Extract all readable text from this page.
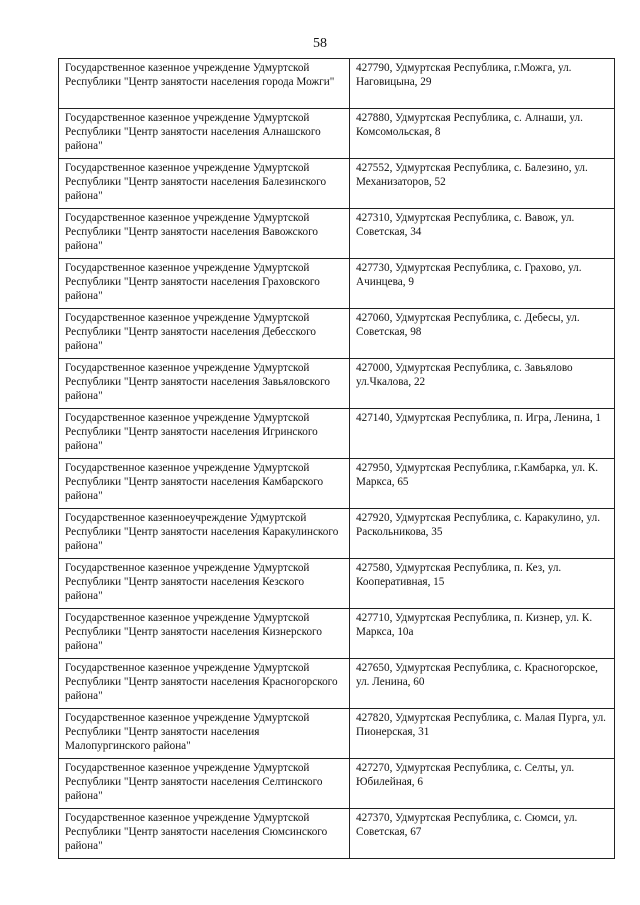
58
Государственное казенное учреждение Удмуртской Республики "Центр занятости населения города Можги"	427790, Удмуртская Республика, г.Можга, ул. Наговицына, 29
Государственное казенное учреждение Удмуртской Республики "Центр занятости населения Алнашского района"	427880, Удмуртская Республика, с. Алнаши, ул. Комсомольская, 8
Государственное казенное учреждение Удмуртской Республики "Центр занятости населения Балезинского района"	427552, Удмуртская Республика, с. Балезино, ул. Механизаторов, 52
Государственное казенное учреждение Удмуртской Республики "Центр занятости населения Вавожского района"	427310, Удмуртская Республика, с. Вавож, ул. Советская, 34
Государственное казенное учреждение Удмуртской Республики "Центр занятости населения Граховского района"	427730, Удмуртская Республика, с. Грахово, ул. Ачинцева, 9
Государственное казенное учреждение Удмуртской Республики "Центр занятости населения Дебесского района"	427060, Удмуртская Республика, с. Дебесы, ул. Советская, 98
Государственное казенное учреждение Удмуртской Республики "Центр занятости населения Завьяловского района"	427000, Удмуртская Республика, с. Завьялово ул.Чкалова, 22
Государственное казенное учреждение Удмуртской Республики "Центр занятости населения Игринского района"	427140, Удмуртская Республика, п. Игра, Ленина, 1
Государственное казенное учреждение Удмуртской Республики "Центр занятости населения Камбарского района"	427950, Удмуртская Республика, г.Камбарка, ул. К. Маркса, 65
Государственное казенноеучреждение Удмуртской Республики "Центр занятости населения Каракулинского района"	427920, Удмуртская Республика, с. Каракулино, ул. Раскольникова, 35
Государственное казенное учреждение Удмуртской Республики "Центр занятости населения Кезского района"	427580, Удмуртская Республика, п. Кез, ул. Кооперативная, 15
Государственное казенное учреждение Удмуртской Республики "Центр занятости населения Кизнерского района"	427710, Удмуртская Республика, п. Кизнер, ул. К. Маркса, 10а
Государственное казенное учреждение Удмуртской Республики "Центр занятости населения Красногорского района"	427650, Удмуртская Республика, с. Красногорское, ул. Ленина, 60
Государственное казенное учреждение Удмуртской Республики "Центр занятости населения Малопургинского района"	427820, Удмуртская Республика, с. Малая Пурга, ул. Пионерская, 31
Государственное казенное учреждение Удмуртской Республики "Центр занятости населения Селтинского района"	427270, Удмуртская Республика, с. Селты, ул. Юбилейная, 6
Государственное казенное учреждение Удмуртской Республики "Центр занятости населения Сюмсинского района"	427370, Удмуртская Республика, с. Сюмси, ул. Советская, 67
